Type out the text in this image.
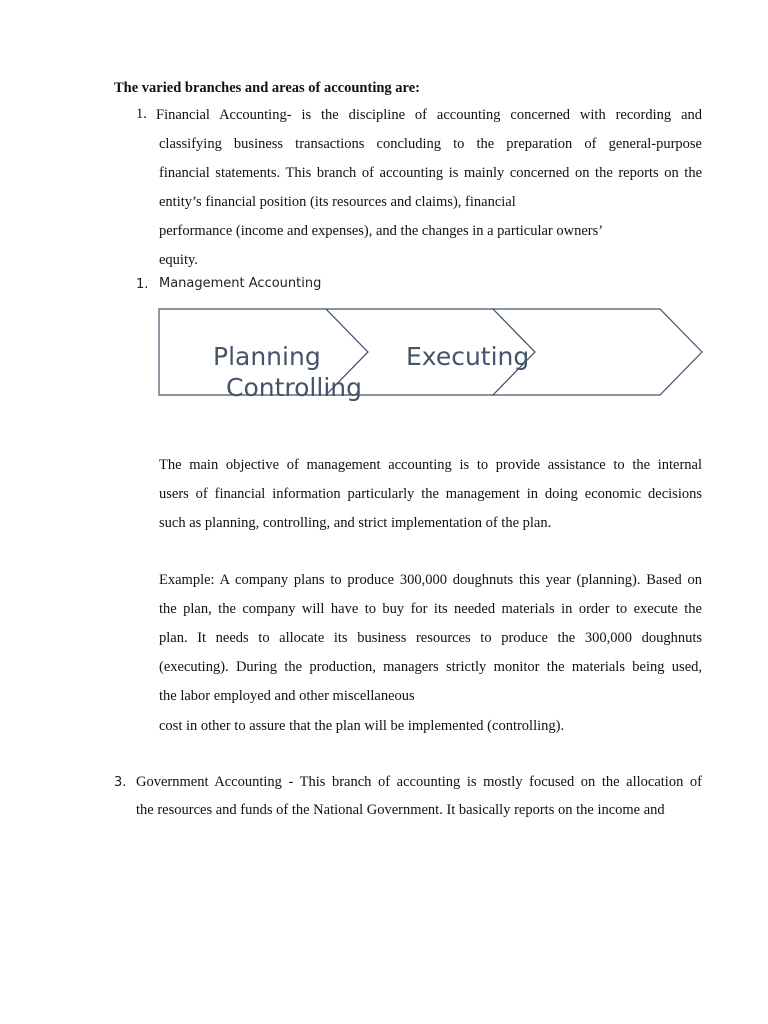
The varied branches and areas of accounting are:

1. Financial Accounting- is the discipline of accounting concerned with recording and

classifying business transactions concluding to the preparation of general-purpose

financial statements. This branch of accounting is mainly concerned on the reports on the

entity’s financial position (its resources and claims), financial

performance (income and expenses), and the changes in a particular owners’

equity.

1. Management Accounting
Planning	Executing
Controlling

The main objective of management accounting is to provide assistance to the internal

users of financial information particularly the management in doing economic decisions

such as planning, controlling, and strict implementation of the plan.

Example: A company plans to produce 300,000 doughnuts this year (planning). Based on

the plan, the company will have to buy for its needed materials in order to execute the

plan. It needs to allocate its business resources to produce the 300,000 doughnuts

(executing). During the production, managers strictly monitor the materials being used,

the labor employed and other miscellaneous

cost in other to assure that the plan will be implemented (controlling).

3. Government Accounting - This branch of accounting is mostly focused on the allocation of

the resources and funds of the National Government. It basically reports on the income and
